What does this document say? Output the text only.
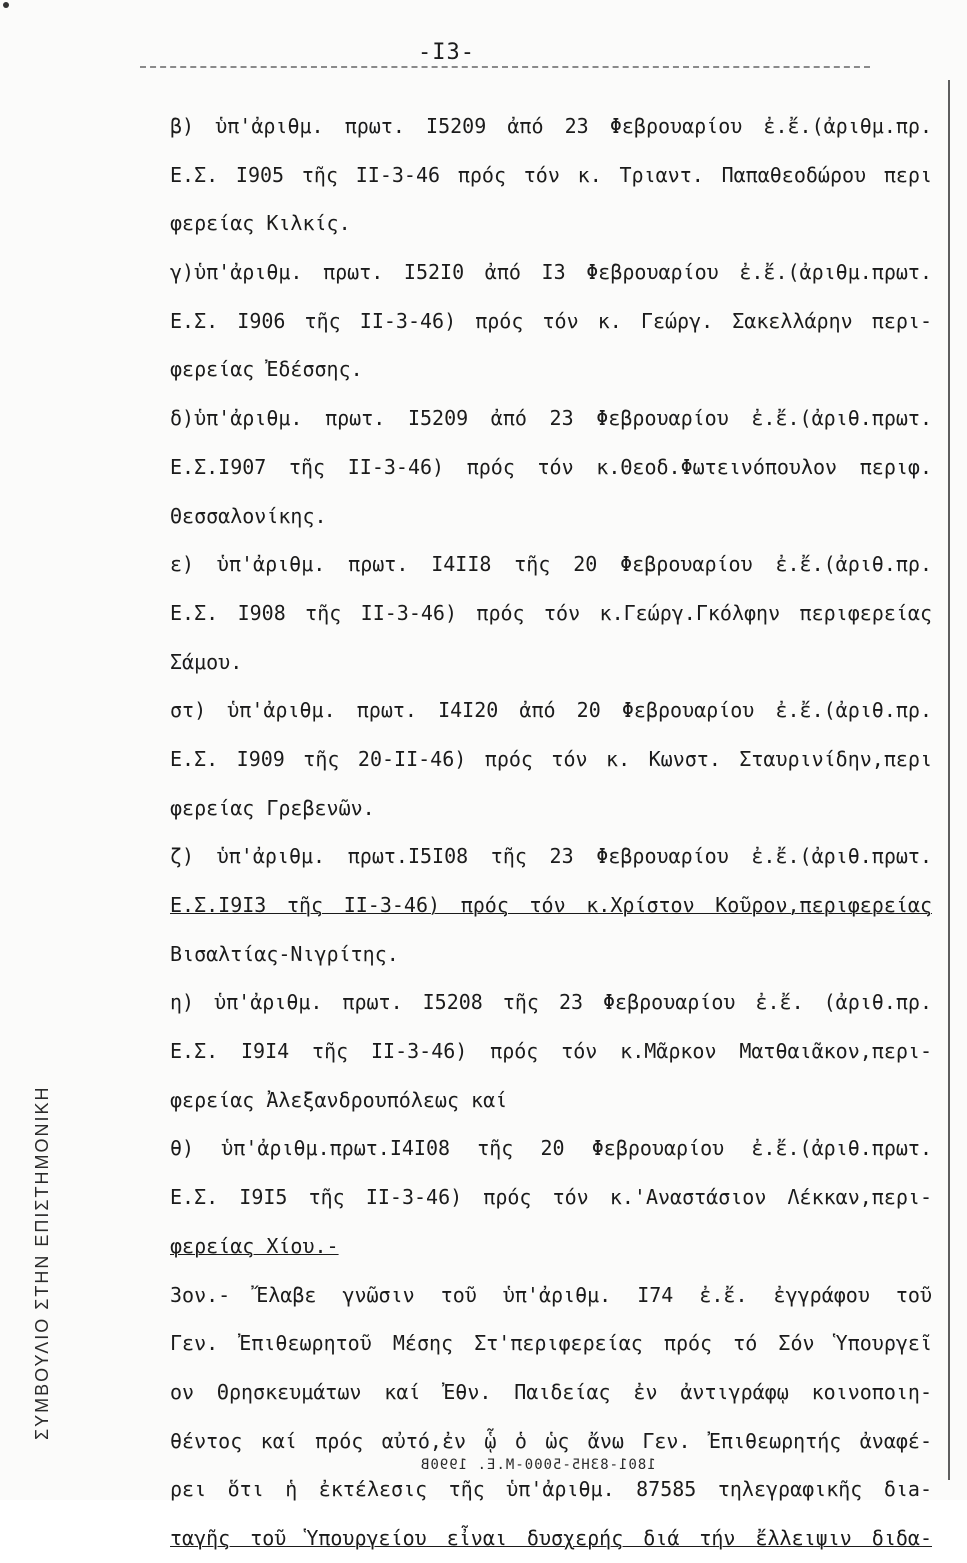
-I3-
β) ὑπ'ἀριθμ. πρωτ. I5209 ἀπό 23 Φεβρουαρίου ἐ.ἔ.(ἀριθμ.πρ.
Ε.Σ. I905 τῆς II-3-46 πρός τόν κ. Τριαντ. Παπαθεοδώρου περι
φερείας Κιλκίς.
γ)ὑπ'ἀριθμ. πρωτ. I52I0 ἀπό I3 Φεβρουαρίου ἐ.ἔ.(ἀριθμ.πρωτ.
Ε.Σ. I906 τῆς II-3-46) πρός τόν κ. Γεώργ. Σακελλάρην περι-
φερείας Ἐδέσσης.
δ)ὑπ'ἀριθμ. πρωτ. I5209 ἀπό 23 Φεβρουαρίου ἐ.ἔ.(ἀριθ.πρωτ.
Ε.Σ.I907 τῆς II-3-46) πρός τόν κ.Θεοδ.Φωτεινόπουλον περιφ.
Θεσσαλονίκης.
ε) ὑπ'ἀριθμ. πρωτ. I4II8 τῆς 20 Φεβρουαρίου ἐ.ἔ.(ἀριθ.πρ.
Ε.Σ. I908 τῆς II-3-46) πρός τόν κ.Γεώργ.Γκόλφην περιφερείας
Σάμου.
στ) ὑπ'ἀριθμ. πρωτ. I4I20 ἀπό 20 Φεβρουαρίου ἐ.ἔ.(ἀριθ.πρ.
Ε.Σ. I909 τῆς 20-II-46) πρός τόν κ. Κωνστ. Σταυρινίδην,περι
φερείας Γρεβενῶν.
ζ) ὑπ'ἀριθμ. πρωτ.I5I08 τῆς 23 Φεβρουαρίου ἐ.ἔ.(ἀριθ.πρωτ.
Ε.Σ.I9I3 τῆς II-3-46) πρός τόν κ.Χρίστον Κοῦρον,περιφερείας
Βισαλτίας-Νιγρίτης.
η) ὑπ'ἀριθμ. πρωτ. I5208 τῆς 23 Φεβρουαρίου ἐ.ἔ. (ἀριθ.πρ.
Ε.Σ. I9I4 τῆς II-3-46) πρός τόν κ.Μᾶρκον Ματθαιᾶκον,περι-
φερείας Ἀλεξανδρουπόλεως καί
θ) ὑπ'ἀριθμ.πρωτ.I4I08 τῆς 20 Φεβρουαρίου ἐ.ἔ.(ἀριθ.πρωτ.
Ε.Σ. I9I5 τῆς II-3-46) πρός τόν κ.'Αναστάσιον Λέκκαν,περι-
φερείας Χίου.-
3ον.- Ἔλαβε γνῶσιν τοῦ ὑπ'ἀριθμ. I74 ἐ.ἔ. ἐγγράφου τοῦ
Γεν. Ἐπιθεωρητοῦ Μέσης Στ'περιφερείας πρός τό Σόν Ὑπουργεῖ
ον Θρησκευμάτων καί Ἐθν. Παιδείας ἐν ἀντιγράφῳ κοινοποιη-
θέντος καί πρός αὐτό,ἐν ᾧ ὁ ὡς ἄνω Γεν. Ἐπιθεωρητής ἀναφέ-
ρει ὅτι ἡ ἐκτέλεσις τῆς ὑπ'ἀριθμ. 87585 τηλεγραφικῆς διa-
ταγῆς τοῦ Ὑπουργείου εἶναι δυσχερής διά τήν ἔλλειψιν διδα-
ΣΥΜΒΟΥΛΙΟ ΣΤΗΝ ΕΠΙΣΤΗΜΟΝΙΚΗ
1801-83H5-5000-M.E. 1990B
